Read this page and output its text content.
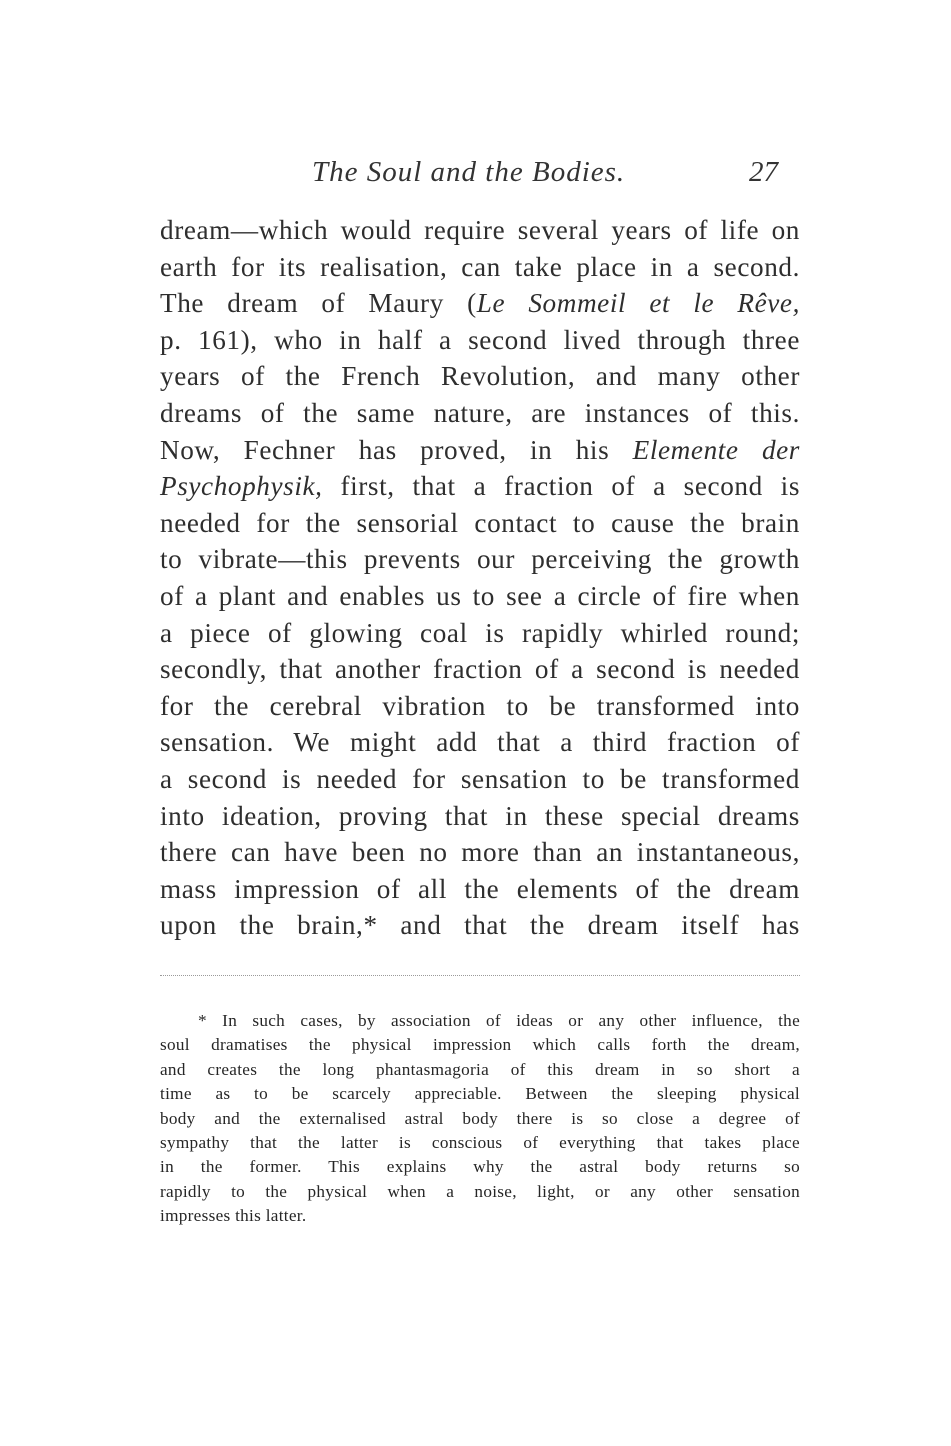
The Soul and the Bodies.	27
dream—which would require several years of life on
earth for its realisation, can take place in a second.
The dream of Maury (Le Sommeil et le Rêve,
p. 161), who in half a second lived through three
years of the French Revolution, and many other
dreams of the same nature, are instances of this.
Now, Fechner has proved, in his Elemente der
Psychophysik, first, that a fraction of a second is
needed for the sensorial contact to cause the brain
to vibrate—this prevents our perceiving the growth
of a plant and enables us to see a circle of fire when
a piece of glowing coal is rapidly whirled round;
secondly, that another fraction of a second is needed
for the cerebral vibration to be transformed into
sensation. We might add that a third fraction of
a second is needed for sensation to be transformed
into ideation, proving that in these special dreams
there can have been no more than an instantaneous,
mass impression of all the elements of the dream
upon the brain,* and that the dream itself has
* In such cases, by association of ideas or any other influence, the
soul dramatises the physical impression which calls forth the dream,
and creates the long phantasmagoria of this dream in so short a
time as to be scarcely appreciable. Between the sleeping physical
body and the externalised astral body there is so close a degree of
sympathy that the latter is conscious of everything that takes place
in the former. This explains why the astral body returns so
rapidly to the physical when a noise, light, or any other sensation
impresses this latter.
